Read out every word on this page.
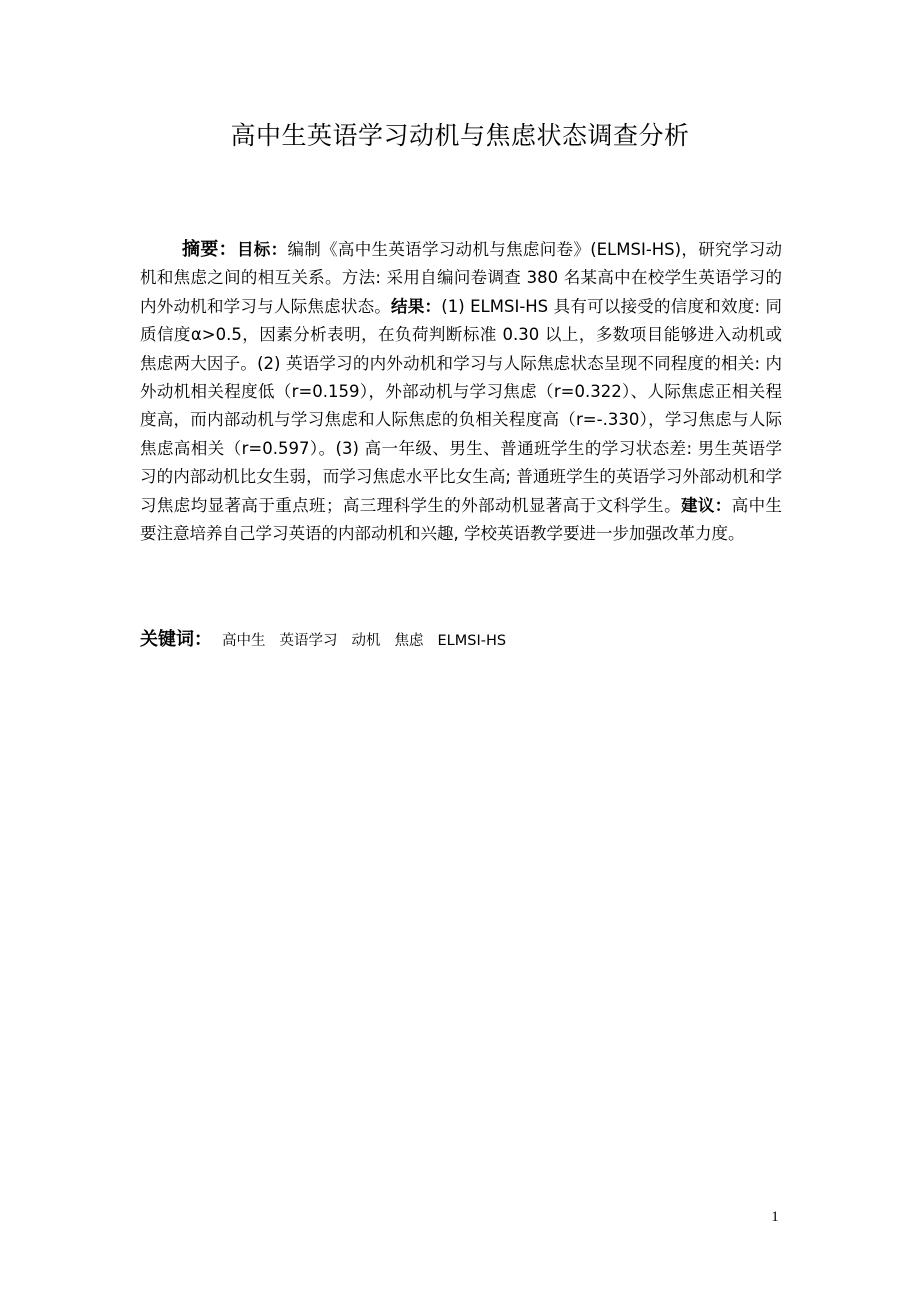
高中生英语学习动机与焦虑状态调查分析

摘要：目标：编制《高中生英语学习动机与焦虑问卷》(ELMSI-HS)，研究学习动机和焦虑之间的相互关系。方法: 采用自编问卷调查 380 名某高中在校学生英语学习的内外动机和学习与人际焦虑状态。结果：(1) ELMSI-HS 具有可以接受的信度和效度: 同质信度α>0.5，因素分析表明，在负荷判断标准 0.30 以上，多数项目能够进入动机或焦虑两大因子。(2) 英语学习的内外动机和学习与人际焦虑状态呈现不同程度的相关: 内外动机相关程度低（r=0.159），外部动机与学习焦虑（r=0.322）、人际焦虑正相关程度高，而内部动机与学习焦虑和人际焦虑的负相关程度高（r=-.330），学习焦虑与人际焦虑高相关（r=0.597）。(3) 高一年级、男生、普通班学生的学习状态差: 男生英语学习的内部动机比女生弱，而学习焦虑水平比女生高; 普通班学生的英语学习外部动机和学习焦虑均显著高于重点班；高三理科学生的外部动机显著高于文科学生。建议：高中生要注意培养自己学习英语的内部动机和兴趣, 学校英语教学要进一步加强改革力度。

关键词： 高中生 英语学习 动机 焦虑 ELMSI-HS

1
